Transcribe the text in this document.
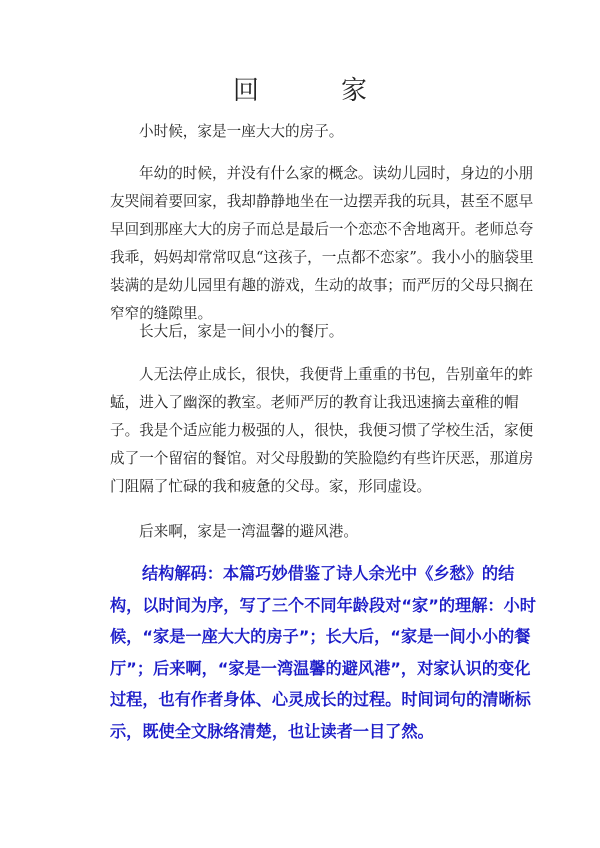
回　家

小时候，家是一座大大的房子。

年幼的时候，并没有什么家的概念。读幼儿园时，身边的小朋友哭闹着要回家，我却静静地坐在一边摆弄我的玩具，甚至不愿早早回到那座大大的房子而总是最后一个恋恋不舍地离开。老师总夸我乖，妈妈却常常叹息“这孩子，一点都不恋家”。我小小的脑袋里装满的是幼儿园里有趣的游戏，生动的故事；而严厉的父母只搁在窄窄的缝隙里。

长大后，家是一间小小的餐厅。

人无法停止成长，很快，我便背上重重的书包，告别童年的蚱蜢，进入了幽深的教室。老师严厉的教育让我迅速摘去童稚的帽子。我是个适应能力极强的人，很快，我便习惯了学校生活，家便成了一个留宿的餐馆。对父母殷勤的笑脸隐约有些许厌恶，那道房门阻隔了忙碌的我和疲惫的父母。家，形同虚设。

后来啊，家是一湾温馨的避风港。

结构解码：本篇巧妙借鉴了诗人余光中《乡愁》的结构，以时间为序，写了三个不同年龄段对“家”的理解：小时候，“家是一座大大的房子”；长大后，“家是一间小小的餐厅”；后来啊，“家是一湾温馨的避风港”，对家认识的变化过程，也有作者身体、心灵成长的过程。时间词句的清晰标示，既使全文脉络清楚，也让读者一目了然。
